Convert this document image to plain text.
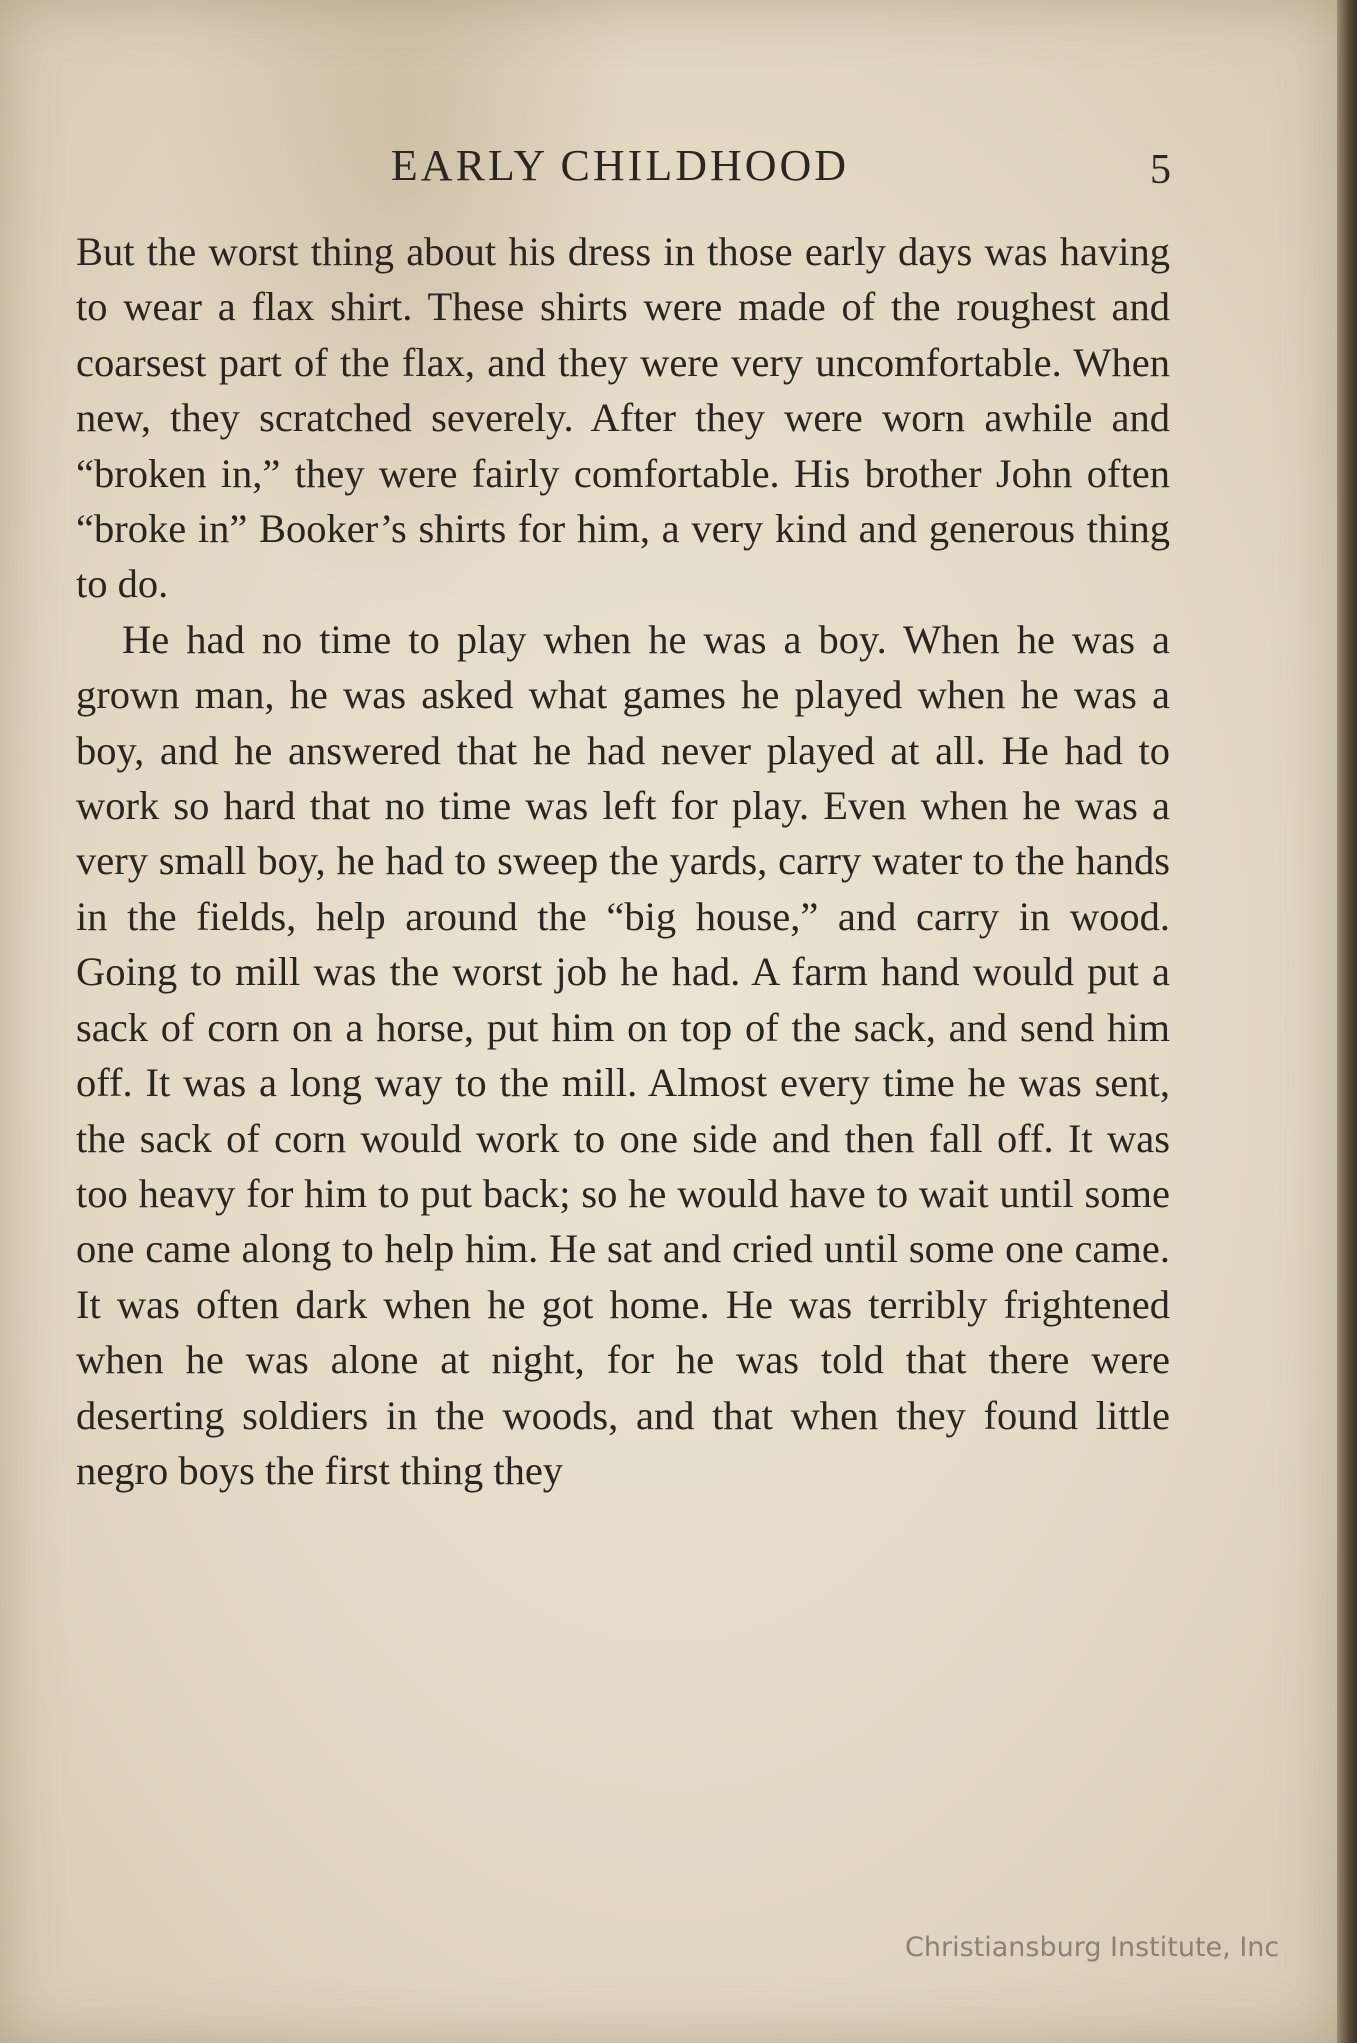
EARLY CHILDHOOD	5

But the worst thing about his dress in those early days was having to wear a flax shirt. These shirts were made of the roughest and coarsest part of the flax, and they were very uncomfortable. When new, they scratched severely. After they were worn awhile and “broken in,” they were fairly comfortable. His brother John often “broke in” Booker’s shirts for him, a very kind and generous thing to do.

He had no time to play when he was a boy. When he was a grown man, he was asked what games he played when he was a boy, and he answered that he had never played at all. He had to work so hard that no time was left for play. Even when he was a very small boy, he had to sweep the yards, carry water to the hands in the fields, help around the “big house,” and carry in wood. Going to mill was the worst job he had. A farm hand would put a sack of corn on a horse, put him on top of the sack, and send him off. It was a long way to the mill. Almost every time he was sent, the sack of corn would work to one side and then fall off. It was too heavy for him to put back; so he would have to wait until some one came along to help him. He sat and cried until some one came. It was often dark when he got home. He was terribly frightened when he was alone at night, for he was told that there were deserting soldiers in the woods, and that when they found little negro boys the first thing they

Christiansburg Institute, Inc
